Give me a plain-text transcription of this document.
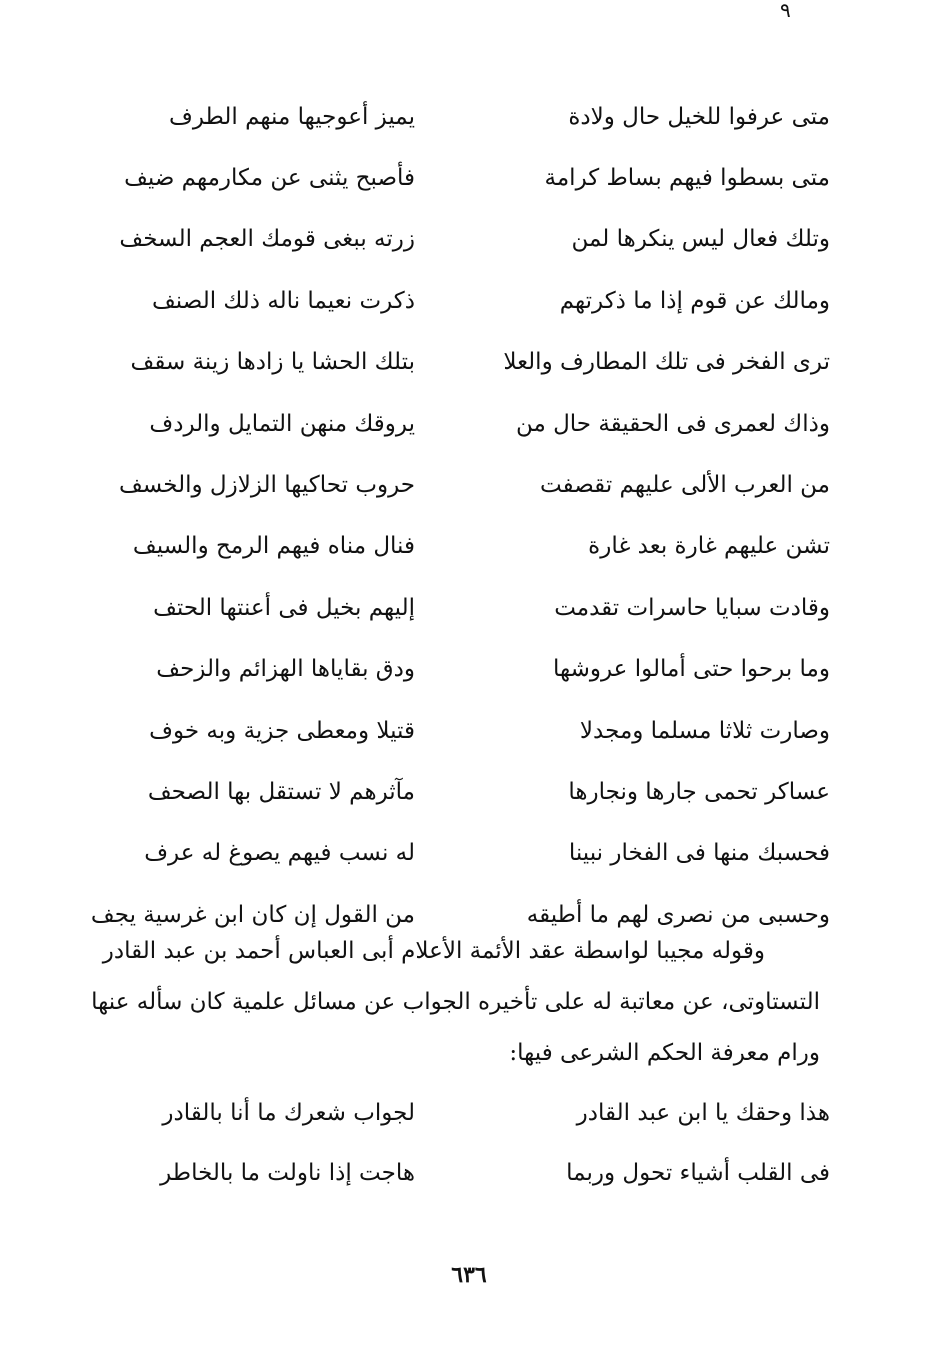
٩
متى عرفوا للخيل حال ولادة
يميز أعوجيها منهم الطرف
متى بسطوا فيهم بساط كرامة
فأصبح يثنى عن مكارمهم ضيف
وتلك فعال ليس ينكرها لمن
زرته ببغى قومك العجم السخف
ومالك عن قوم إذا ما ذكرتهم
ذكرت نعيما ناله ذلك الصنف
ترى الفخر فى تلك المطارف والعلا
بتلك الحشا يا زادها زينة سقف
وذاك لعمرى فى الحقيقة حال من
يروقك منهن التمايل والردف
من العرب الألى عليهم تقصفت
حروب تحاكيها الزلازل والخسف
تشن عليهم غارة بعد غارة
فنال مناه فيهم الرمح والسيف
وقادت سبايا حاسرات تقدمت
إليهم بخيل فى أعنتها الحتف
وما برحوا حتى أمالوا عروشها
ودق بقاياها الهزائم والزحف
وصارت ثلاثا مسلما ومجدلا
قتيلا ومعطى جزية وبه خوف
عساكر تحمى جارها ونجارها
مآثرهم لا تستقل بها الصحف
فحسبك منها فى الفخار نبينا
له نسب فيهم يصوغ له عرف
وحسبى من نصرى لهم ما أطيقه
من القول إن كان ابن غرسية يجف
وقوله مجيبا لواسطة عقد الأئمة الأعلام أبى العباس أحمد بن عبد القادر
التستاوتى، عن معاتبة له على تأخيره الجواب عن مسائل علمية كان سأله عنها
ورام معرفة الحكم الشرعى فيها:
هذا وحقك يا ابن عبد القادر
لجواب شعرك ما أنا بالقادر
فى القلب أشياء تحول وربما
هاجت إذا ناولت ما بالخاطر
٦٣٦
